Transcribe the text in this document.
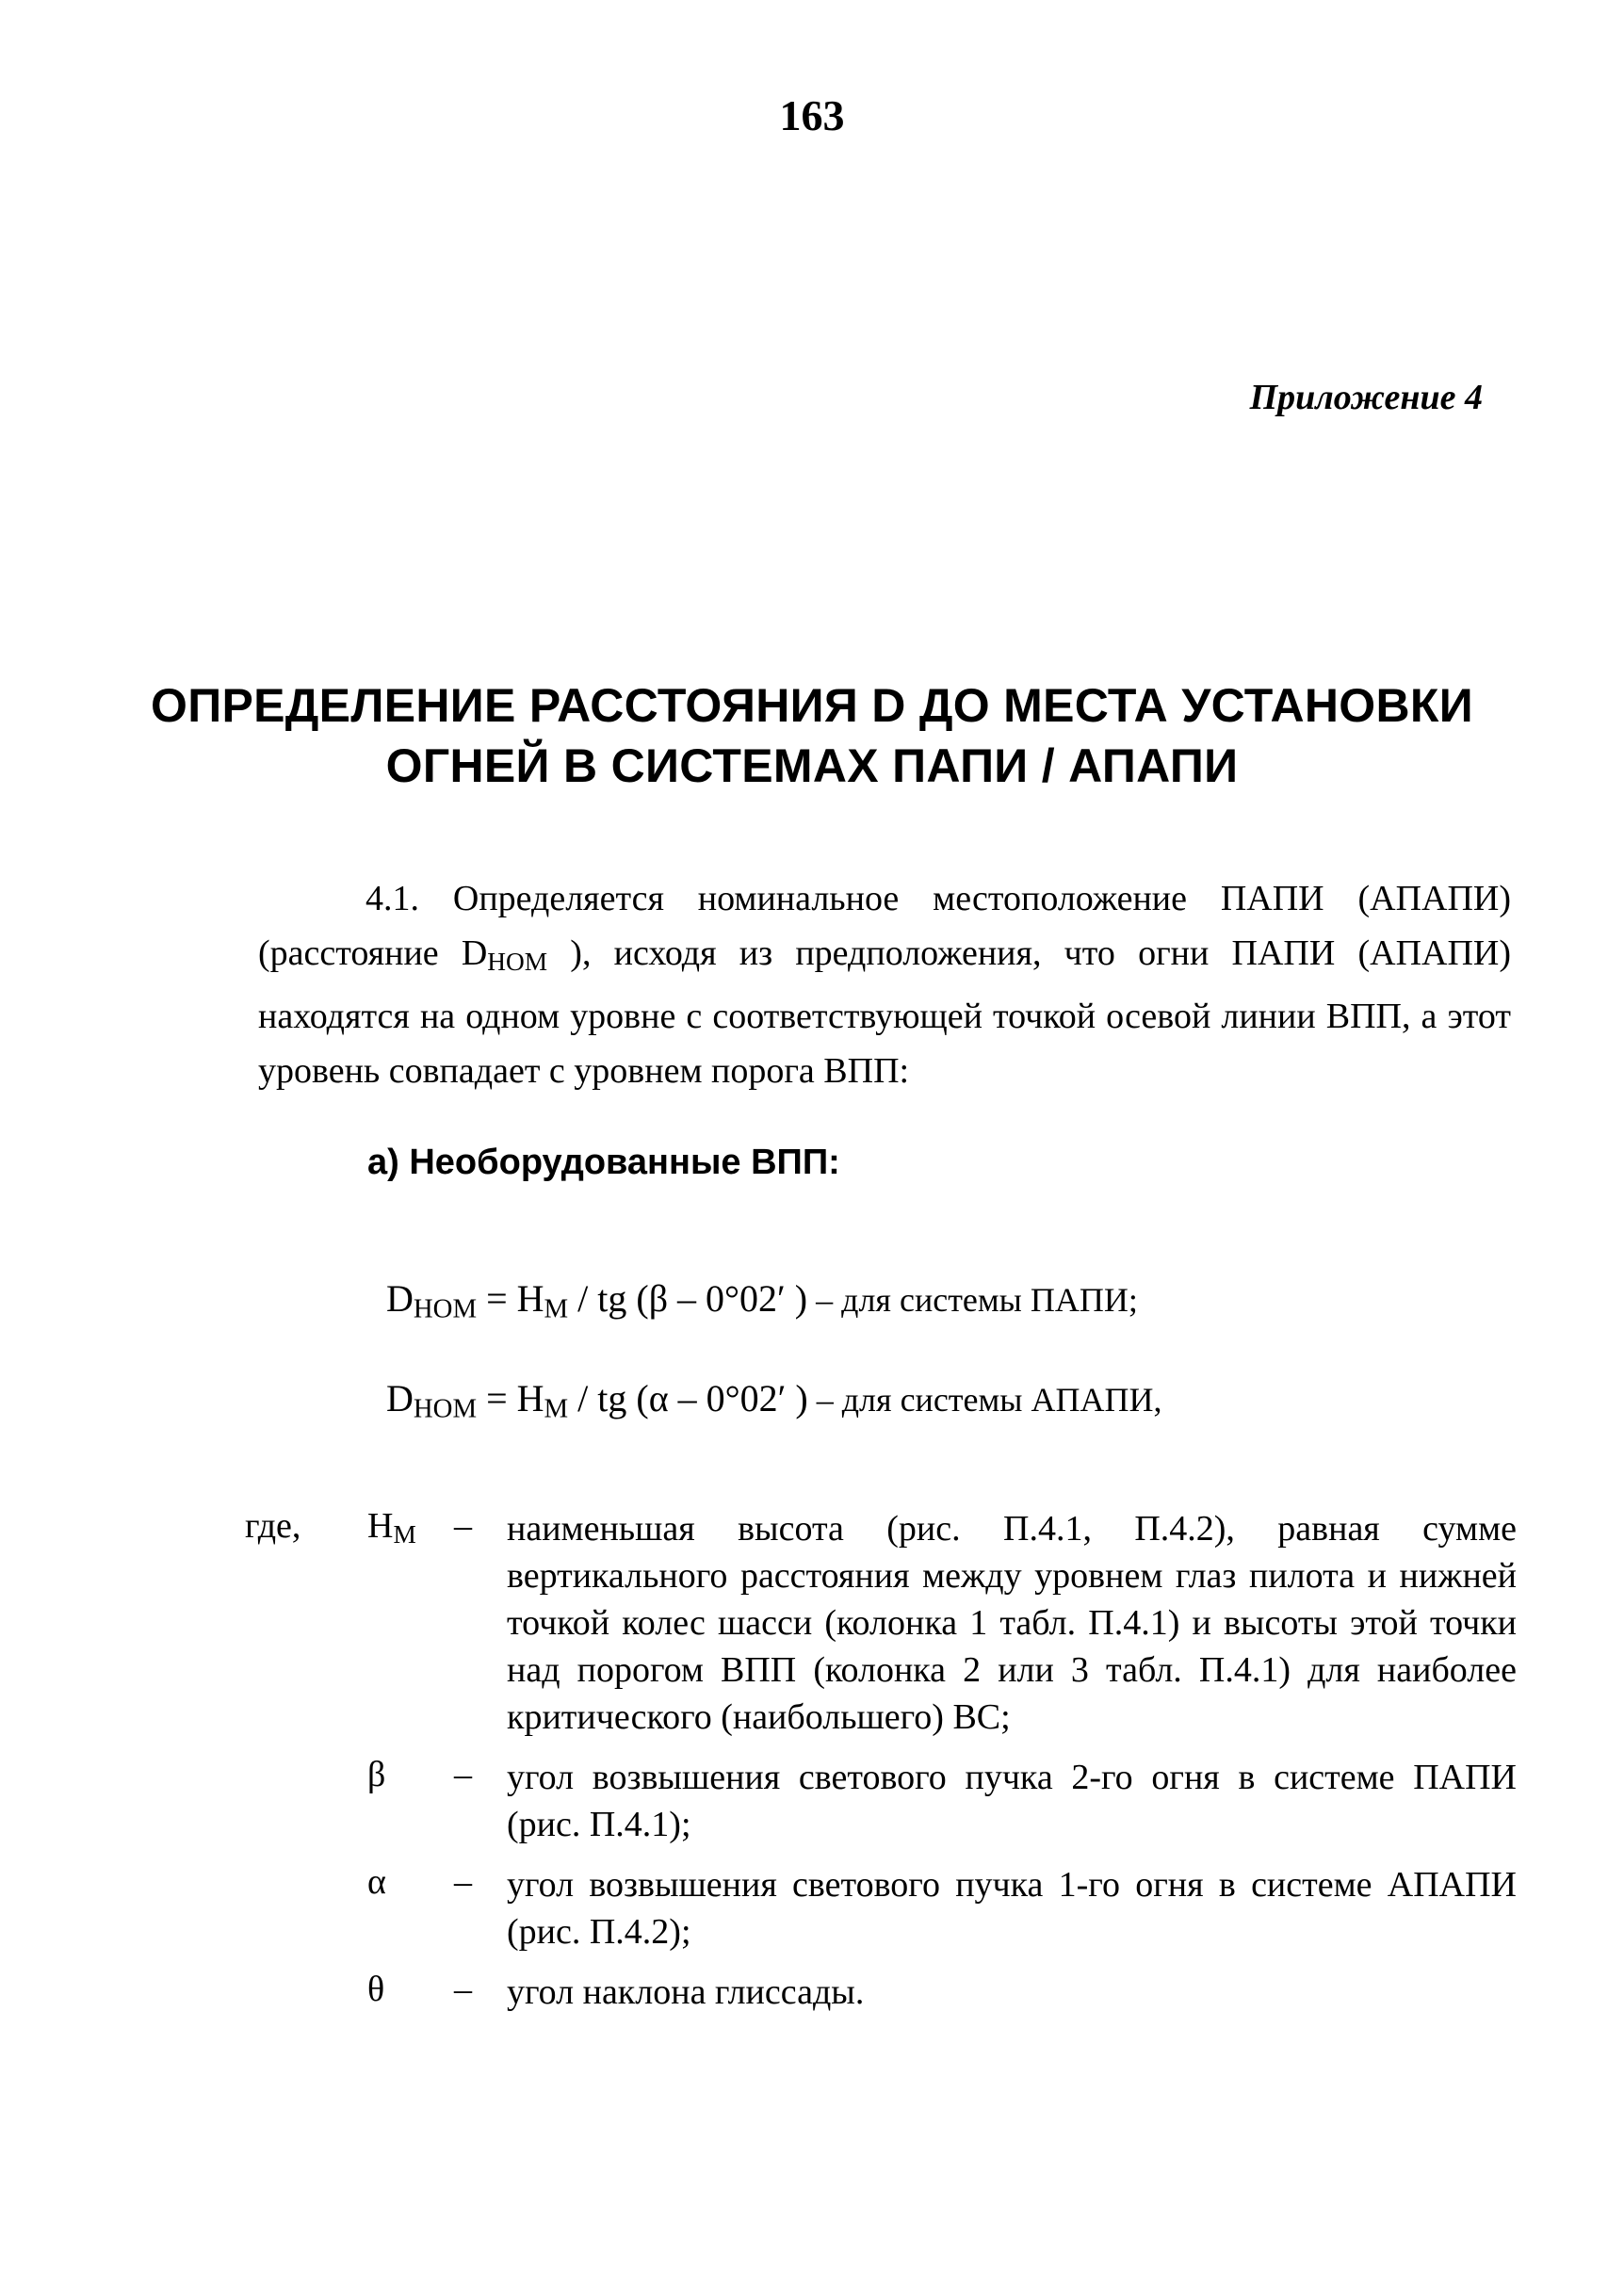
163
Приложение 4
ОПРЕДЕЛЕНИЕ РАССТОЯНИЯ D ДО МЕСТА УСТАНОВКИ
ОГНЕЙ В СИСТЕМАХ ПАПИ / АПАПИ

4.1. Определяется номинальное местоположение ПАПИ (АПАПИ) (расстояние $D_{НОМ}$ ), исходя из предположения, что огни ПАПИ (АПАПИ) находятся на одном уровне с соответствующей точкой осевой линии ВПП, а этот уровень совпадает с уровнем порога ВПП:

а) Необорудованные ВПП:
$D_{НОМ} = H_М$ / tg (β – 0°02′ ) – для системы ПАПИ;
$D_{НОМ} = H_М$ / tg (α – 0°02′ ) – для системы АПАПИ,
где, $H_М$ – наименьшая высота (рис. П.4.1, П.4.2), равная сумме вертикального расстояния между уровнем глаз пилота и нижней точкой колес шасси (колонка 1 табл. П.4.1) и высоты этой точки над порогом ВПП (колонка 2 или 3 табл. П.4.1) для наиболее критического (наибольшего) ВС;
β – угол возвышения светового пучка 2-го огня в системе ПАПИ (рис. П.4.1);
α – угол возвышения светового пучка 1-го огня в системе АПАПИ (рис. П.4.2);
θ – угол наклона глиссады.
